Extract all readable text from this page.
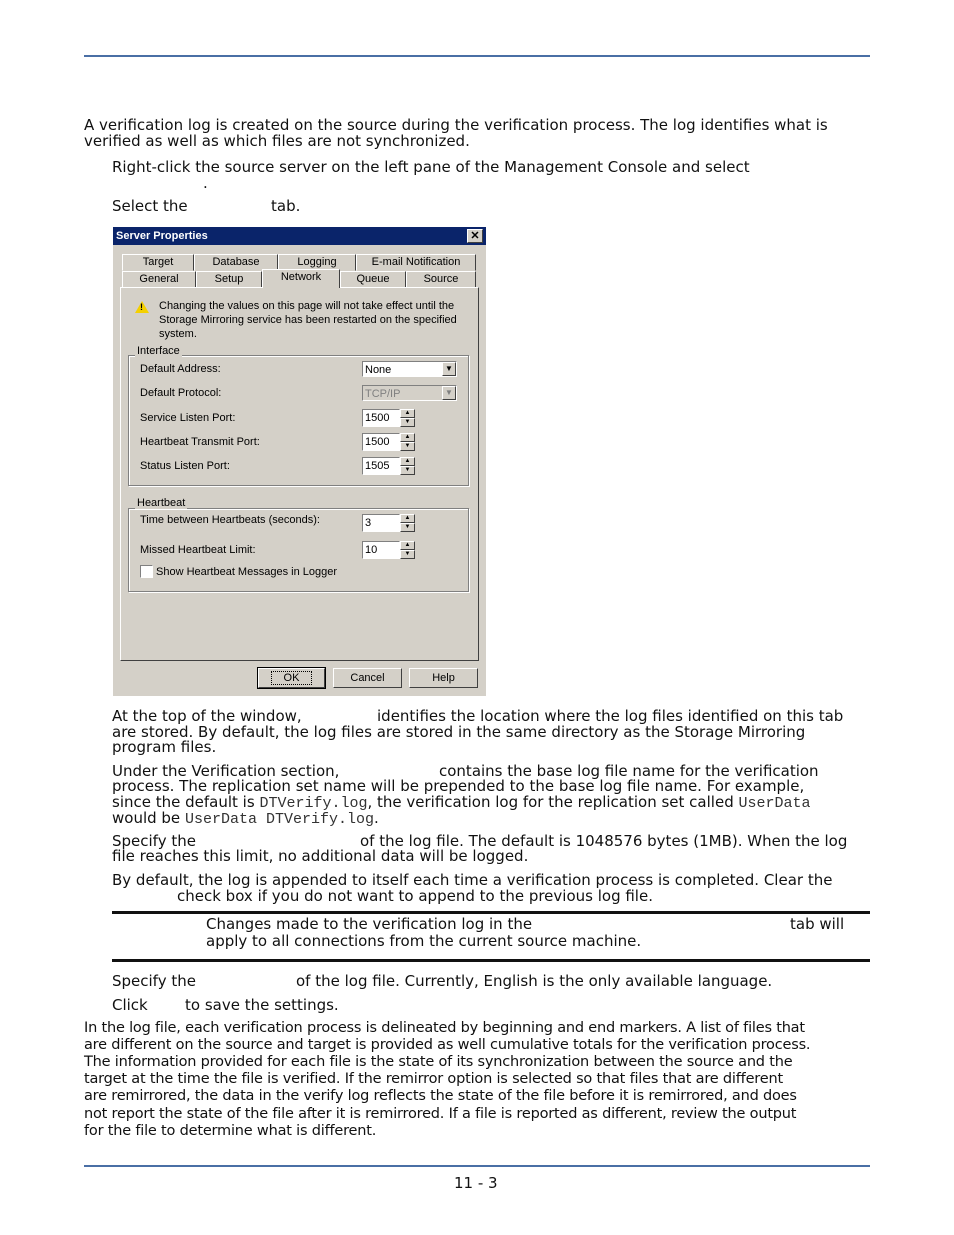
A verification log is created on the source during the verification process. The log identifies what is verified as well as which files are not synchronized.

Right-click the source server on the left pane of the Management Console and select

.

Select the	tab.

Server Properties	✕
Target	Database	Logging	E-mail Notification
General	Setup	Network	Queue	Source
! Changing the values on this page will not take effect until the Storage Mirroring service has been restarted on the specified system.
Interface
Default Address:	None	▼
Default Protocol:	TCP/IP	▼
Service Listen Port:	1500	▲
▼
Heartbeat Transmit Port:	1500	▲
▼
Status Listen Port:	1505	▲
▼
Heartbeat
Time between Heartbeats (seconds):	3	▲
▼
Missed Heartbeat Limit:	10	▲
▼
Show Heartbeat Messages in Logger
OK	Cancel	Help

At the top of the window,	identifies the location where the log files identified on this tab

are stored. By default, the log files are stored in the same directory as the Storage Mirroring

program files.

Under the Verification section,	contains the base log file name for the verification

process. The replication set name will be prepended to the base log file name. For example,

since the default is DTVerify.log, the verification log for the replication set called UserData

would be UserData DTVerify.log.

Specify the	of the log file. The default is 1048576 bytes (1MB). When the log

file reaches this limit, no additional data will be logged.

By default, the log is appended to itself each time a verification process is completed. Clear the

check box if you do not want to append to the previous log file.

Changes made to the verification log in the	tab will

apply to all connections from the current source machine.

Specify the	of the log file. Currently, English is the only available language.

Click to save the settings.

In the log file, each verification process is delineated by beginning and end markers. A list of files that

are different on the source and target is provided as well cumulative totals for the verification process.

The information provided for each file is the state of its synchronization between the source and the

target at the time the file is verified. If the remirror option is selected so that files that are different

are remirrored, the data in the verify log reflects the state of the file before it is remirrored, and does

not report the state of the file after it is remirrored. If a file is reported as different, review the output

for the file to determine what is different.

11 - 3
